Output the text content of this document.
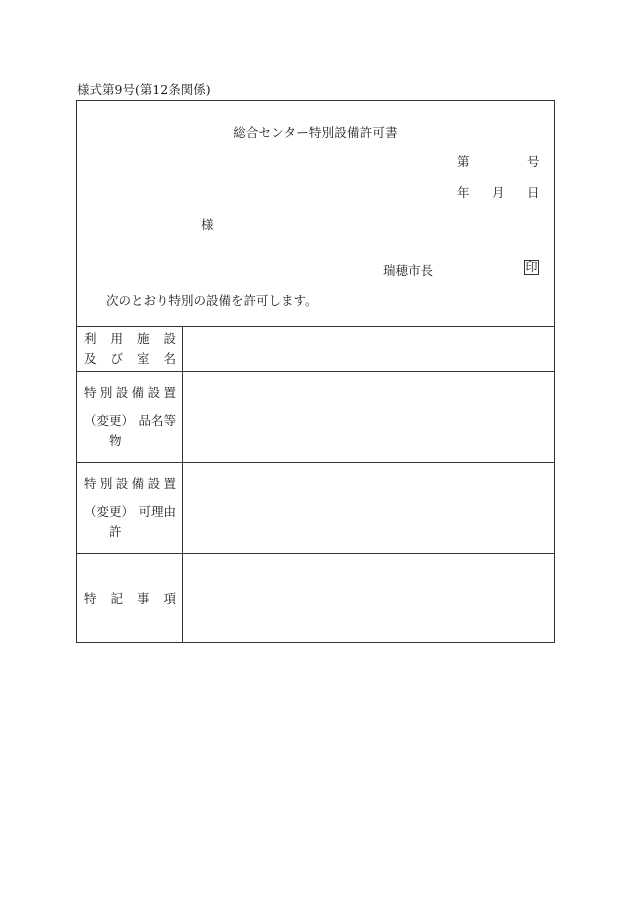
様式第9号(第12条関係)
総合センター特別設備許可書
第	号
年 月 日
様
瑞穂市長	印
次のとおり特別の設備を許可します。
利 用 施 設
及 び 室 名
特 別 設 備 設 置
（変 更）物
品 名 等
特 別 設 備 設 置
（変 更）許
可 理 由
特 記 事 項
